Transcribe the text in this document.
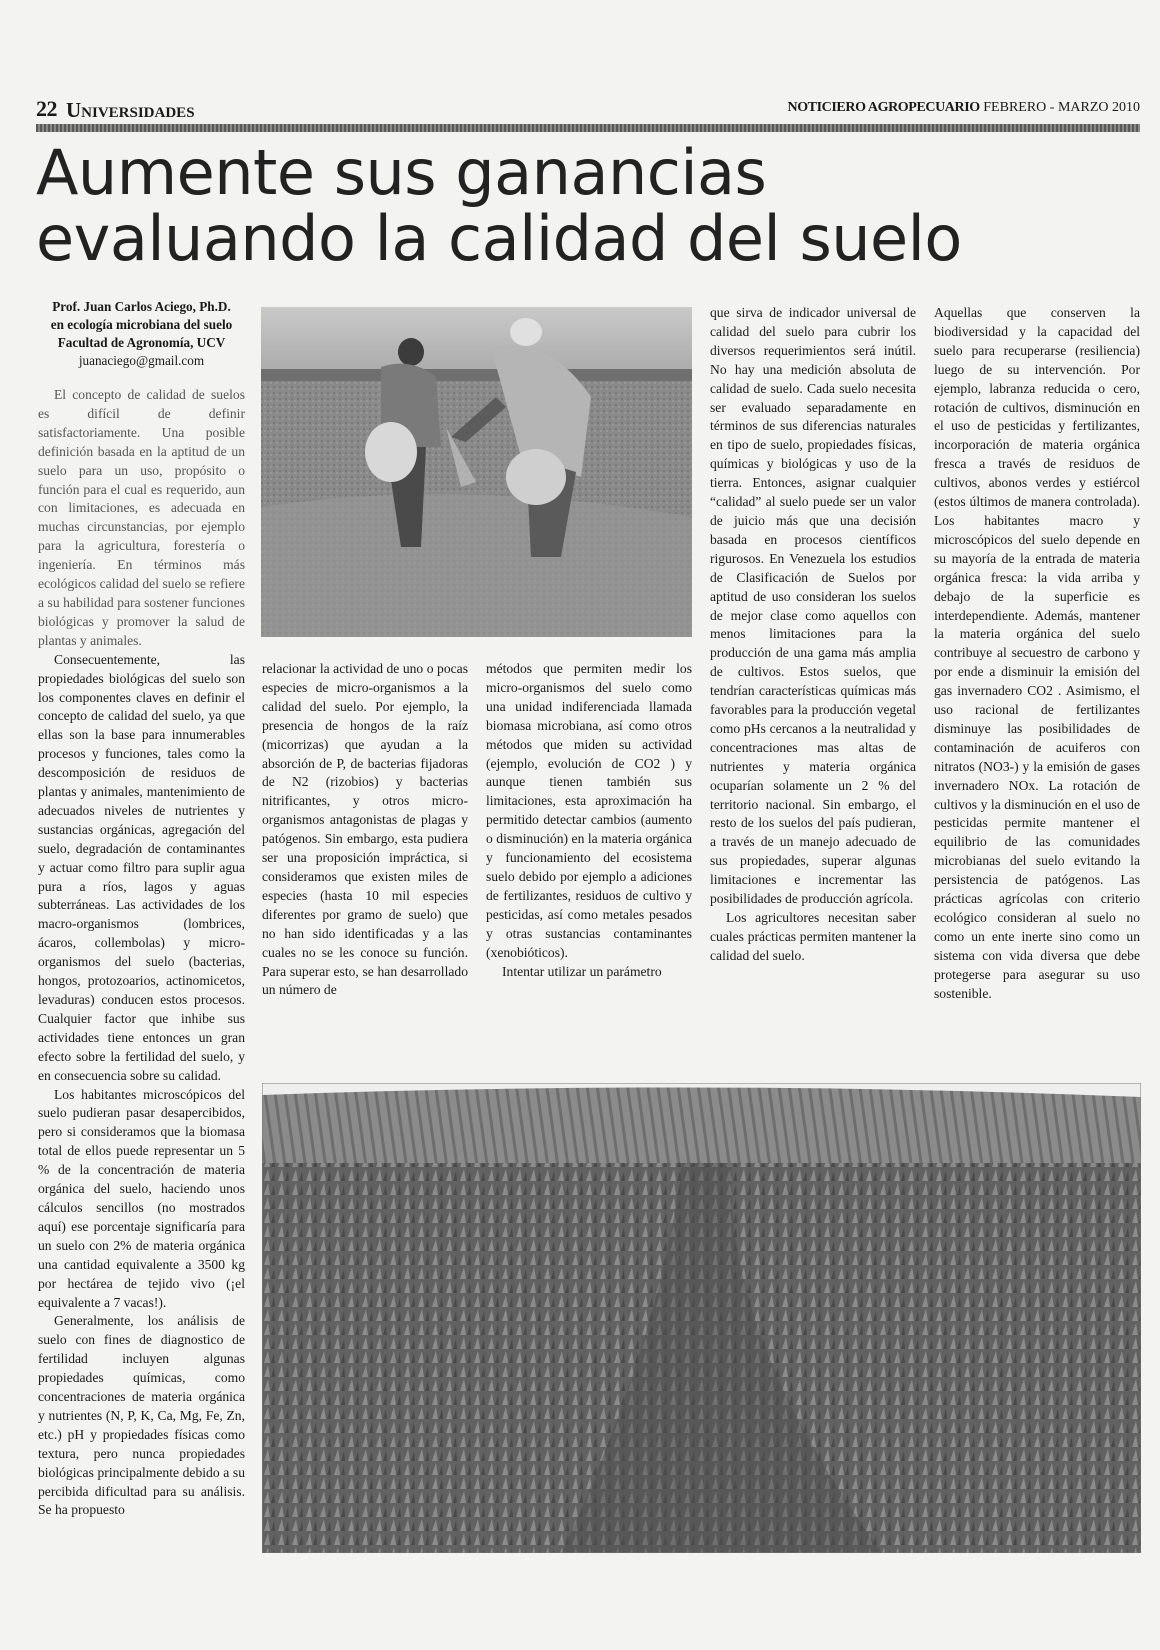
22 Universidades	NOTICIERO AGROPECUARIO FEBRERO - MARZO 2010
Aumente sus ganancias
evaluando la calidad del suelo
Prof. Juan Carlos Aciego, Ph.D.
en ecología microbiana del suelo
Facultad de Agronomía, UCV
juanaciego@gmail.com

El concepto de calidad de suelos es difícil de definir satisfactoriamente. Una posible definición basada en la aptitud de un suelo para un uso, propósito o función para el cual es requerido, aun con limitaciones, es adecuada en muchas circunstancias, por ejemplo para la agricultura, forestería o ingeniería. En términos más ecológicos calidad del suelo se refiere a su habilidad para sostener funciones biológicas y promover la salud de plantas y animales.

Consecuentemente, las propiedades biológicas del suelo son los componentes claves en definir el concepto de calidad del suelo, ya que ellas son la base para innumerables procesos y funciones, tales como la descomposición de residuos de plantas y animales, mantenimiento de adecuados niveles de nutrientes y sustancias orgánicas, agregación del suelo, degradación de contaminantes y actuar como filtro para suplir agua pura a ríos, lagos y aguas subterráneas. Las actividades de los macro-organismos (lombrices, ácaros, collembolas) y micro-organismos del suelo (bacterias, hongos, protozoarios, actinomicetos, levaduras) conducen estos procesos. Cualquier factor que inhibe sus actividades tiene entonces un gran efecto sobre la fertilidad del suelo, y en consecuencia sobre su calidad.

Los habitantes microscópicos del suelo pudieran pasar desapercibidos, pero si consideramos que la biomasa total de ellos puede representar un 5 % de la concentración de materia orgánica del suelo, haciendo unos cálculos sencillos (no mostrados aquí) ese porcentaje significaría para un suelo con 2% de materia orgánica una cantidad equivalente a 3500 kg por hectárea de tejido vivo (¡el equivalente a 7 vacas!).

Generalmente, los análisis de suelo con fines de diagnostico de fertilidad incluyen algunas propiedades químicas, como concentraciones de materia orgánica y nutrientes (N, P, K, Ca, Mg, Fe, Zn, etc.) pH y propiedades físicas como textura, pero nunca propiedades biológicas principalmente debido a su percibida dificultad para su análisis. Se ha propuesto

relacionar la actividad de uno o pocas especies de micro-organismos a la calidad del suelo. Por ejemplo, la presencia de hongos de la raíz (micorrizas) que ayudan a la absorción de P, de bacterias fijadoras de N2 (rizobios) y bacterias nitrificantes, y otros micro-organismos antagonistas de plagas y patógenos. Sin embargo, esta pudiera ser una proposición impráctica, si consideramos que existen miles de especies (hasta 10 mil especies diferentes por gramo de suelo) que no han sido identificadas y a las cuales no se les conoce su función. Para superar esto, se han desarrollado un número de

métodos que permiten medir los micro-organismos del suelo como una unidad indiferenciada llamada biomasa microbiana, así como otros métodos que miden su actividad (ejemplo, evolución de CO2 ) y aunque tienen también sus limitaciones, esta aproximación ha permitido detectar cambios (aumento o disminución) en la materia orgánica y funcionamiento del ecosistema suelo debido por ejemplo a adiciones de fertilizantes, residuos de cultivo y pesticidas, así como metales pesados y otras sustancias contaminantes (xenobióticos).

Intentar utilizar un parámetro

que sirva de indicador universal de calidad del suelo para cubrir los diversos requerimientos será inútil. No hay una medición absoluta de calidad de suelo. Cada suelo necesita ser evaluado separadamente en términos de sus diferencias naturales en tipo de suelo, propiedades físicas, químicas y biológicas y uso de la tierra. Entonces, asignar cualquier “calidad” al suelo puede ser un valor de juicio más que una decisión basada en procesos científicos rigurosos. En Venezuela los estudios de Clasificación de Suelos por aptitud de uso consideran los suelos de mejor clase como aquellos con menos limitaciones para la producción de una gama más amplia de cultivos. Estos suelos, que tendrían características químicas más favorables para la producción vegetal como pHs cercanos a la neutralidad y concentraciones mas altas de nutrientes y materia orgánica ocuparían solamente un 2 % del territorio nacional. Sin embargo, el resto de los suelos del país pudieran, a través de un manejo adecuado de sus propiedades, superar algunas limitaciones e incrementar las posibilidades de producción agrícola.

Los agricultores necesitan saber cuales prácticas permiten mantener la calidad del suelo.

Aquellas que conserven la biodiversidad y la capacidad del suelo para recuperarse (resiliencia) luego de su intervención. Por ejemplo, labranza reducida o cero, rotación de cultivos, disminución en el uso de pesticidas y fertilizantes, incorporación de materia orgánica fresca a través de residuos de cultivos, abonos verdes y estiércol (estos últimos de manera controlada). Los habitantes macro y microscópicos del suelo depende en su mayoría de la entrada de materia orgánica fresca: la vida arriba y debajo de la superficie es interdependiente. Además, mantener la materia orgánica del suelo contribuye al secuestro de carbono y por ende a disminuir la emisión del gas invernadero CO2 . Asimismo, el uso racional de fertilizantes disminuye las posibilidades de contaminación de acuiferos con nitratos (NO3-) y la emisión de gases invernadero NOx. La rotación de cultivos y la disminución en el uso de pesticidas permite mantener el equilibrio de las comunidades microbianas del suelo evitando la persistencia de patógenos. Las prácticas agrícolas con criterio ecológico consideran al suelo no como un ente inerte sino como un sistema con vida diversa que debe protegerse para asegurar su uso sostenible.
